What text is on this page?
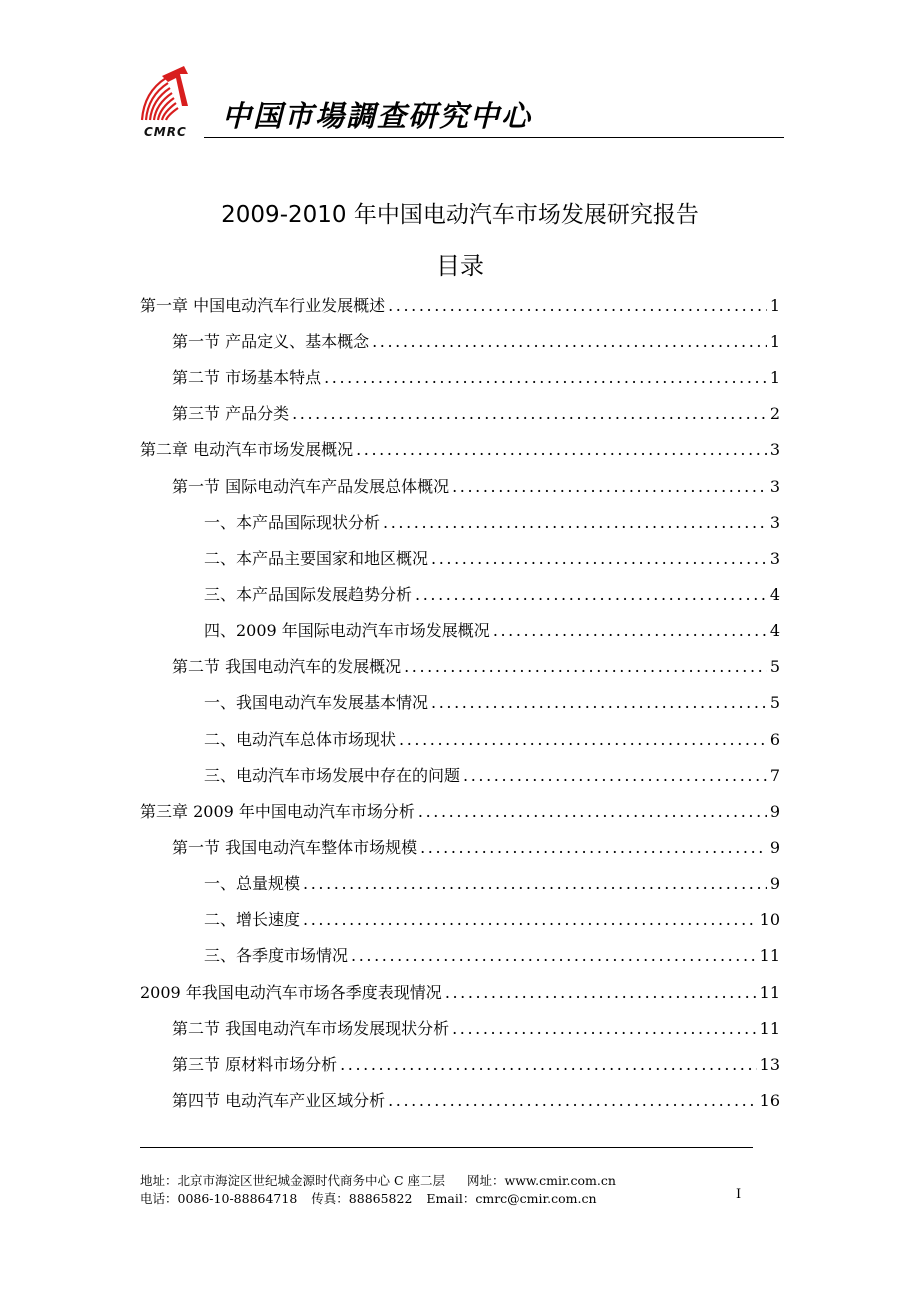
CMRC 中国市場調查研究中心
2009-2010 年中国电动汽车市场发展研究报告
目录
第一章 中国电动汽车行业发展概述 .....	1
第一节 产品定义、基本概念 .....	1
第二节 市场基本特点 .....	1
第三节 产品分类 .....	2
第二章 电动汽车市场发展概况 .....	3
第一节 国际电动汽车产品发展总体概况 .....	3
一、本产品国际现状分析 .....	3
二、本产品主要国家和地区概况 .....	3
三、本产品国际发展趋势分析 .....	4
四、2009 年国际电动汽车市场发展概况 .....	4
第二节 我国电动汽车的发展概况 .....	5
一、我国电动汽车发展基本情况 .....	5
二、电动汽车总体市场现状 .....	6
三、电动汽车市场发展中存在的问题 .....	7
第三章 2009 年中国电动汽车市场分析 .....	9
第一节 我国电动汽车整体市场规模 .....	9
一、总量规模 .....	9
二、增长速度 .....	10
三、各季度市场情况 .....	11
2009 年我国电动汽车市场各季度表现情况 .....	11
第二节 我国电动汽车市场发展现状分析 .....	11
第三节 原材料市场分析 .....	13
第四节 电动汽车产业区域分析 .....	16
地址：北京市海淀区世纪城金源时代商务中心 C 座二层 网址：www.cmir.com.cn
电话：0086-10-88864718 传真：88865822 Email：cmrc@cmir.com.cn	I
